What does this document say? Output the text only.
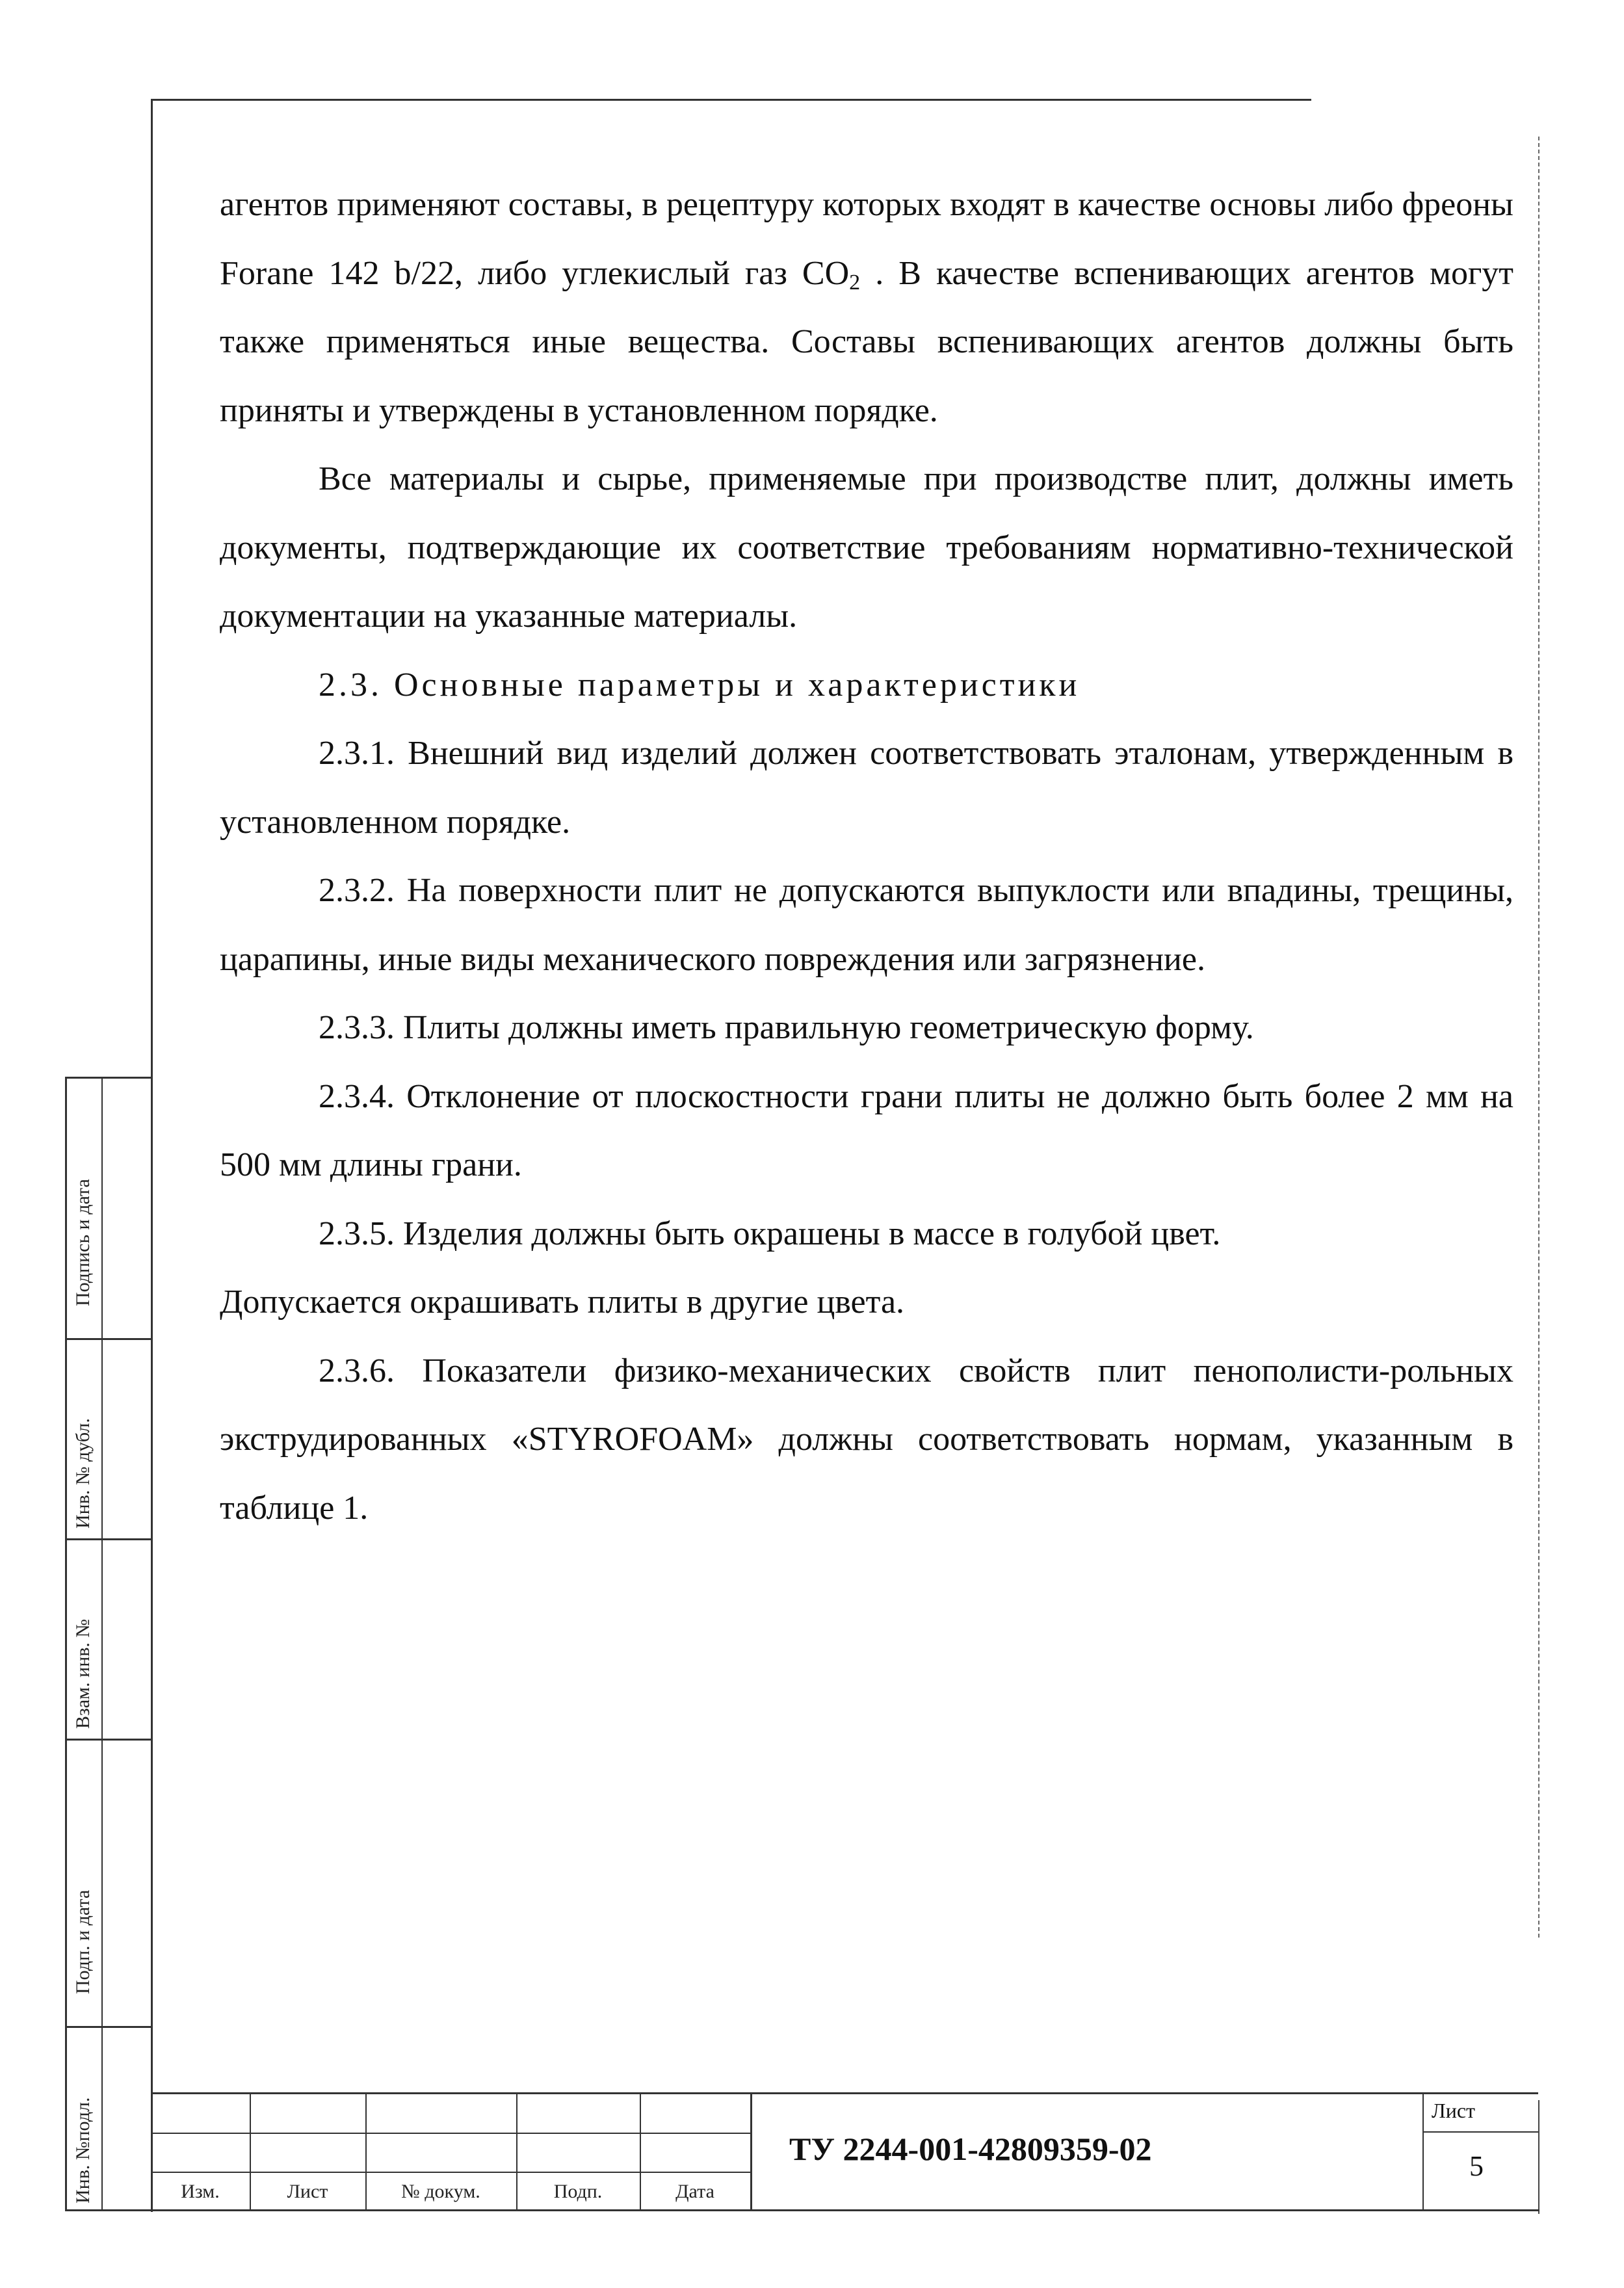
агентов применяют составы, в рецептуру которых входят в качестве основы либо фреоны Forane 142 b/22, либо углекислый газ $CO_2$ . В качестве вспенивающих агентов могут также применяться иные вещества. Составы вспенивающих агентов должны быть приняты и утверждены в установленном порядке.

Все материалы и сырье, применяемые при производстве плит, должны иметь документы, подтверждающие их соответствие требованиям нормативно-технической документации на указанные материалы.

2.3. Основные параметры и характеристики

2.3.1. Внешний вид изделий должен соответствовать эталонам, утвержденным в установленном порядке.

2.3.2. На поверхности плит не допускаются выпуклости или впадины, трещины, царапины, иные виды механического повреждения или загрязнение.

2.3.3. Плиты должны иметь правильную геометрическую форму.

2.3.4. Отклонение от плоскостности грани плиты не должно быть более 2 мм на 500 мм длины грани.

2.3.5. Изделия должны быть окрашены в массе в голубой цвет.

Допускается окрашивать плиты в другие цвета.

2.3.6. Показатели физико-механических свойств плит пенополисти-рольных экструдированных «STYROFOAM» должны соответствовать нормам, указанным в таблице 1.

Подпись и дата
Инв. № дубл.
Взам. инв. №
Подп. и дата
Инв. №подл.	Изм.	Лист	№ докум.	Подп.	Дата
ТУ 2244-001-42809359-02
Лист
5
